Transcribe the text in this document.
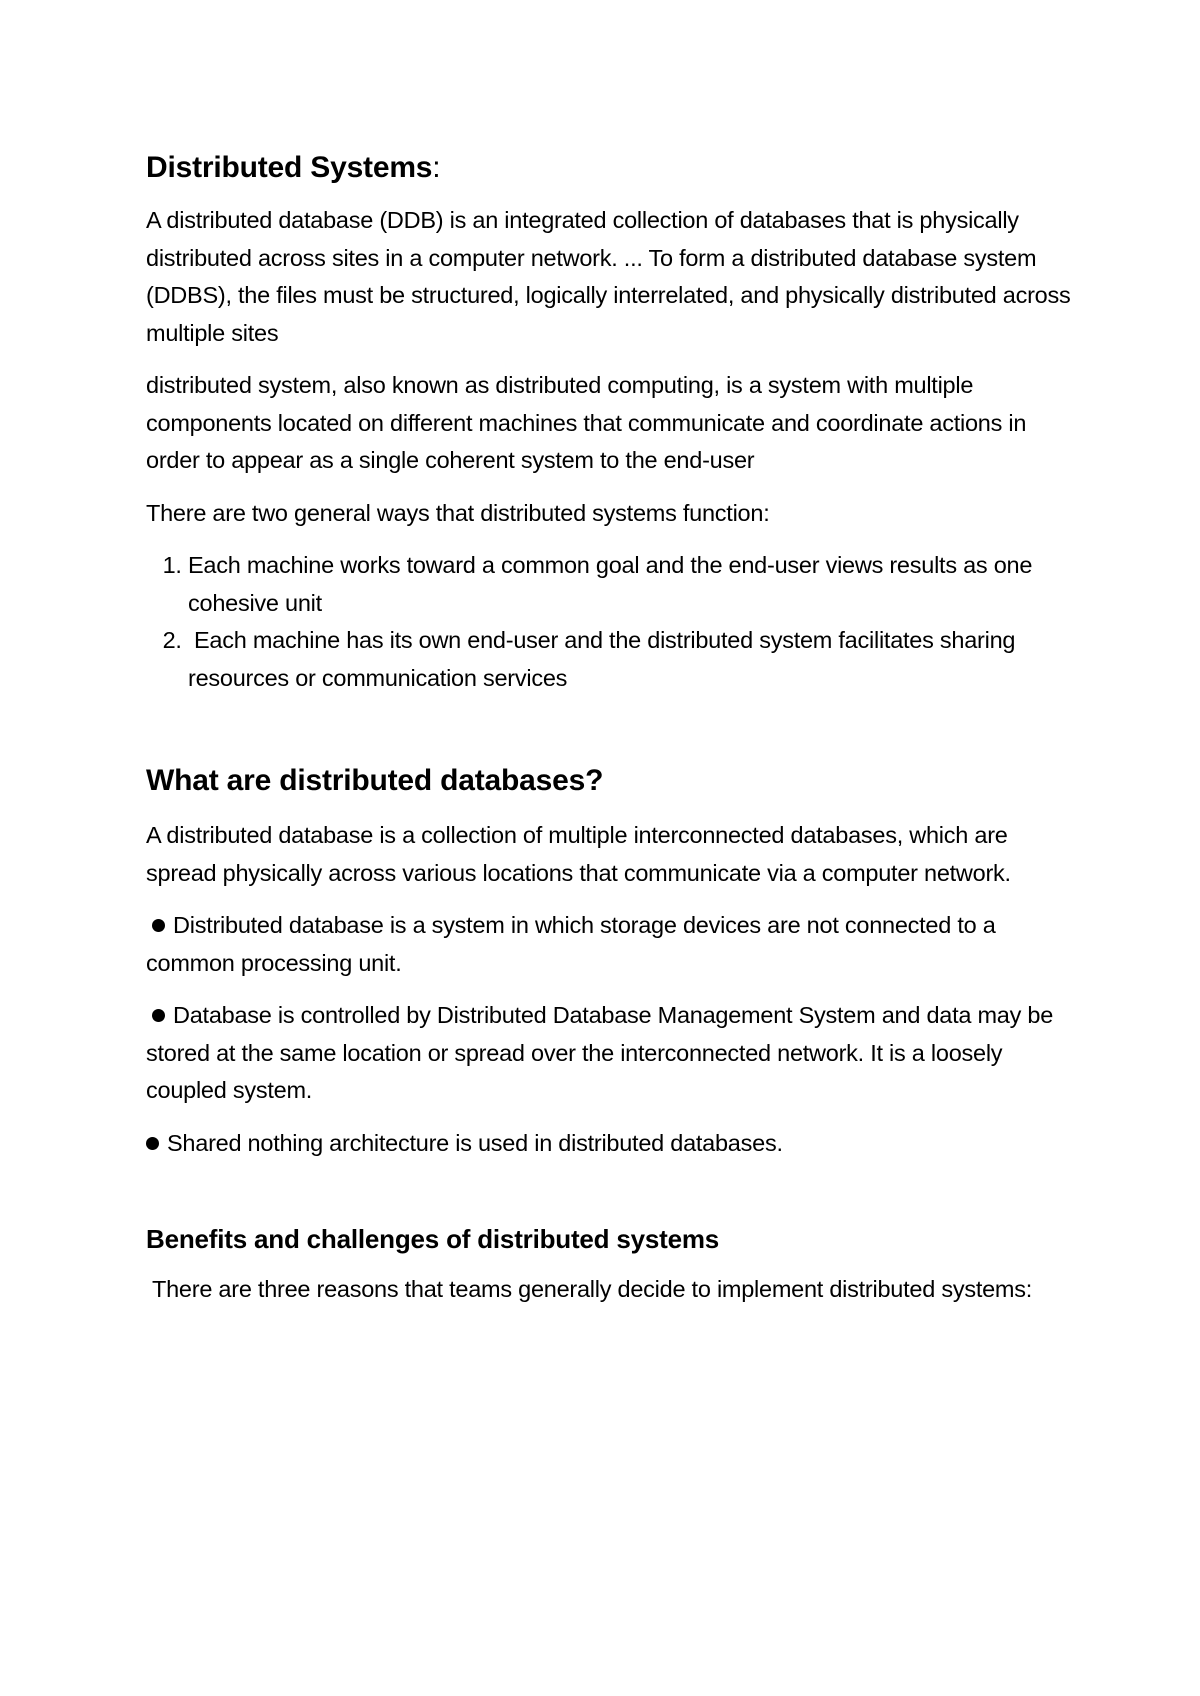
Distributed Systems:

A distributed database (DDB) is an integrated collection of databases that is physically distributed across sites in a computer network. ... To form a distributed database system (DDBS), the files must be structured, logically interrelated, and physically distributed across multiple sites

distributed system, also known as distributed computing, is a system with multiple components located on different machines that communicate and coordinate actions in order to appear as a single coherent system to the end-user

There are two general ways that distributed systems function:

1. Each machine works toward a common goal and the end-user views results as one cohesive unit
2. Each machine has its own end-user and the distributed system facilitates sharing resources or communication services
What are distributed databases?

A distributed database is a collection of multiple interconnected databases, which are spread physically across various locations that communicate via a computer network.

Distributed database is a system in which storage devices are not connected to a common processing unit.

Database is controlled by Distributed Database Management System and data may be stored at the same location or spread over the interconnected network. It is a loosely coupled system.

Shared nothing architecture is used in distributed databases.

Benefits and challenges of distributed systems

There are three reasons that teams generally decide to implement distributed systems:
